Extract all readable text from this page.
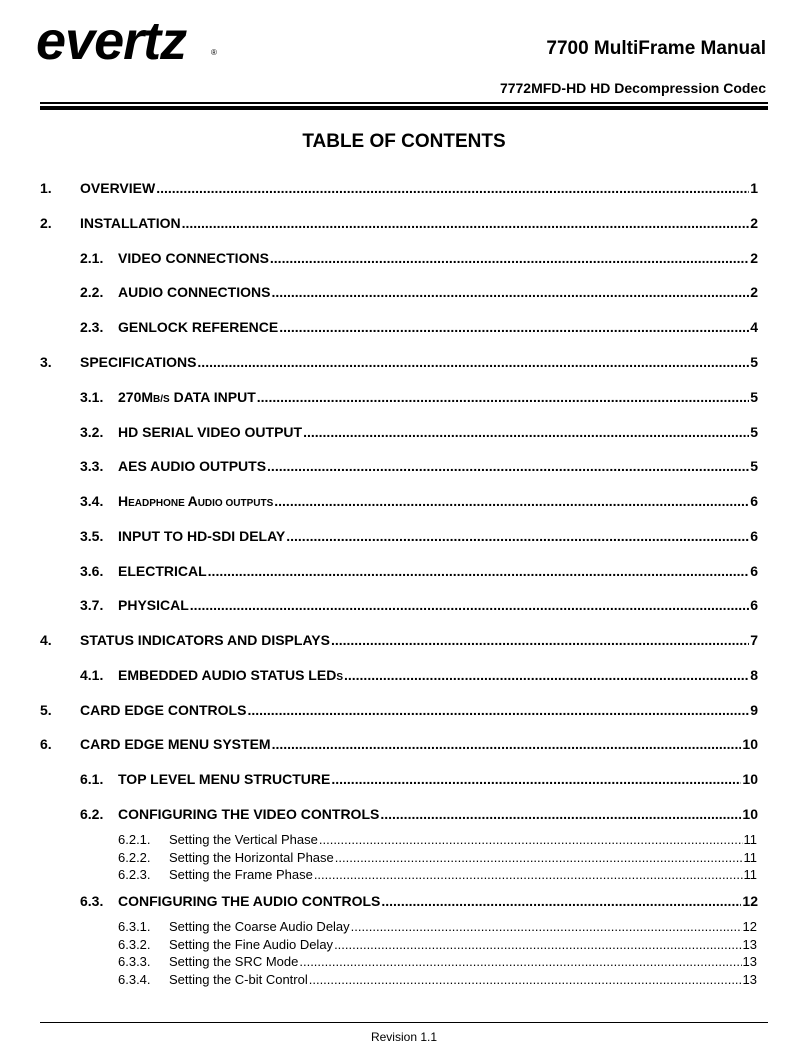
evertz	®	7700 MultiFrame Manual
7772MFD-HD HD Decompression Codec
TABLE OF CONTENTS
1.	OVERVIEW .....	1
2.	INSTALLATION .....	2
2.1.	VIDEO CONNECTIONS .....	2
2.2.	AUDIO CONNECTIONS .....	2
2.3.	GENLOCK REFERENCE .....	4
3.	SPECIFICATIONS .....	5
3.1.	270MB/S DATA INPUT .....	5
3.2.	HD SERIAL VIDEO OUTPUT .....	5
3.3.	AES AUDIO OUTPUTS .....	5
3.4.	HEADPHONE AUDIO OUTPUTS .....	6
3.5.	INPUT TO HD-SDI DELAY .....	6
3.6.	ELECTRICAL .....	6
3.7.	PHYSICAL .....	6
4.	STATUS INDICATORS AND DISPLAYS .....	7
4.1.	EMBEDDED AUDIO STATUS LEDS .....	8
5.	CARD EDGE CONTROLS .....	9
6.	CARD EDGE MENU SYSTEM .....	10
6.1.	TOP LEVEL MENU STRUCTURE .....	10
6.2.	CONFIGURING THE VIDEO CONTROLS .....	10
6.2.1.	Setting the Vertical Phase .....	11
6.2.2.	Setting the Horizontal Phase .....	11
6.2.3.	Setting the Frame Phase .....	11
6.3.	CONFIGURING THE AUDIO CONTROLS .....	12
6.3.1.	Setting the Coarse Audio Delay .....	12
6.3.2.	Setting the Fine Audio Delay .....	13
6.3.3.	Setting the SRC Mode .....	13
6.3.4.	Setting the C-bit Control .....	13
Revision 1.1
